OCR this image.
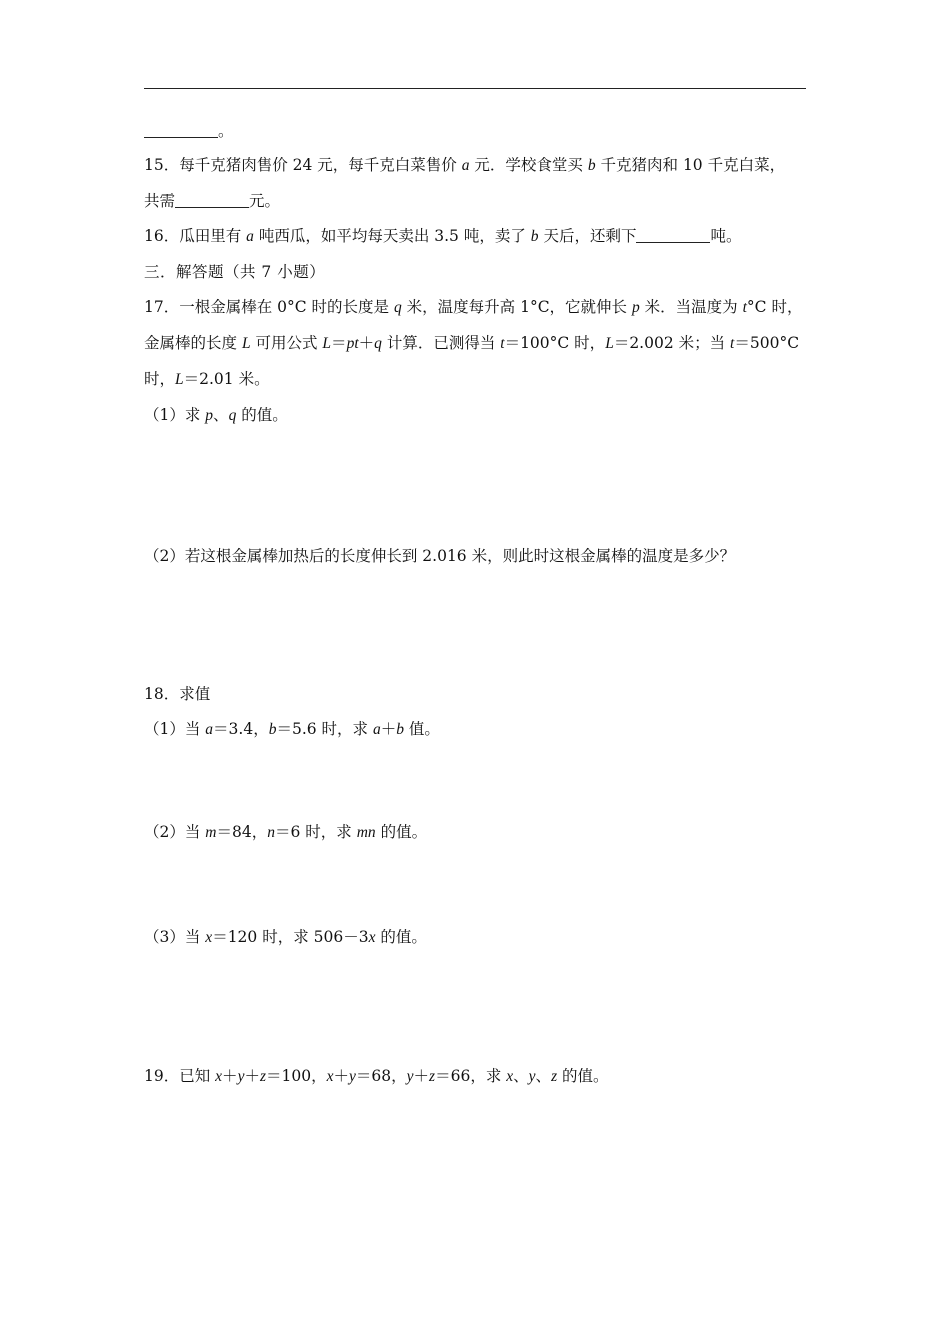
。
15．每千克猪肉售价 24 元，每千克白菜售价 a 元．学校食堂买 b 千克猪肉和 10 千克白菜，
共需	元。
16．瓜田里有 a 吨西瓜，如平均每天卖出 3.5 吨，卖了 b 天后，还剩下	吨。
三．解答题（共 7 小题）
17．一根金属棒在 0°C 时的长度是 q 米，温度每升高 1°C，它就伸长 p 米．当温度为 t°C 时，
金属棒的长度 L 可用公式 L＝pt＋q 计算．已测得当 t＝100°C 时，L＝2.002 米；当 t＝500°C
时，L＝2.01 米。
（1）求 p、q 的值。
（2）若这根金属棒加热后的长度伸长到 2.016 米，则此时这根金属棒的温度是多少？
18．求值
（1）当 a＝3.4，b＝5.6 时，求 a＋b 值。
（2）当 m＝84，n＝6 时，求 mn 的值。
（3）当 x＝120 时，求 506－3x 的值。
19．已知 x＋y＋z＝100，x＋y＝68，y＋z＝66，求 x、y、z 的值。
